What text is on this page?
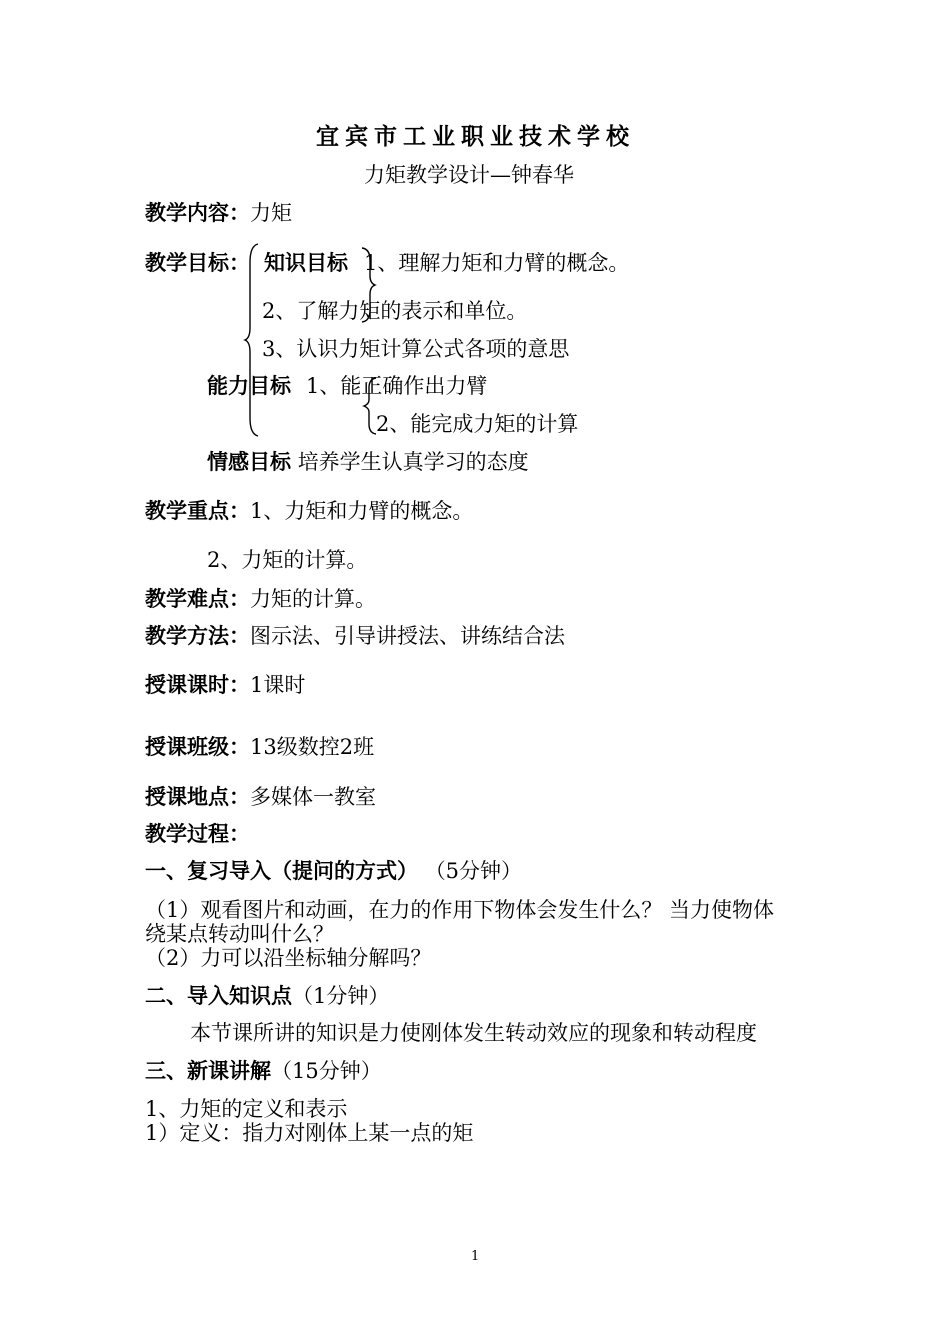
宜宾市工业职业技术学校
力矩教学设计—钟春华
教学内容：力矩
教学目标： 知识目标 1、理解力矩和力臂的概念。
2、了解力矩的表示和单位。
3、认识力矩计算公式各项的意思
能力目标 1、能正确作出力臂
2、能完成力矩的计算
情感目标 培养学生认真学习的态度
教学重点：1、力矩和力臂的概念。
2、力矩的计算。
教学难点：力矩的计算。
教学方法：图示法、引导讲授法、讲练结合法
授课课时：1课时
授课班级：13级数控2班
授课地点：多媒体一教室
教学过程：
一、复习导入（提问的方式） （5分钟）
（1）观看图片和动画，在力的作用下物体会发生什么？ 当力使物体
绕某点转动叫什么？
（2）力可以沿坐标轴分解吗？
二、导入知识点（1分钟）
本节课所讲的知识是力使刚体发生转动效应的现象和转动程度
三、新课讲解（15分钟）
1、力矩的定义和表示
1）定义：指力对刚体上某一点的矩
1
